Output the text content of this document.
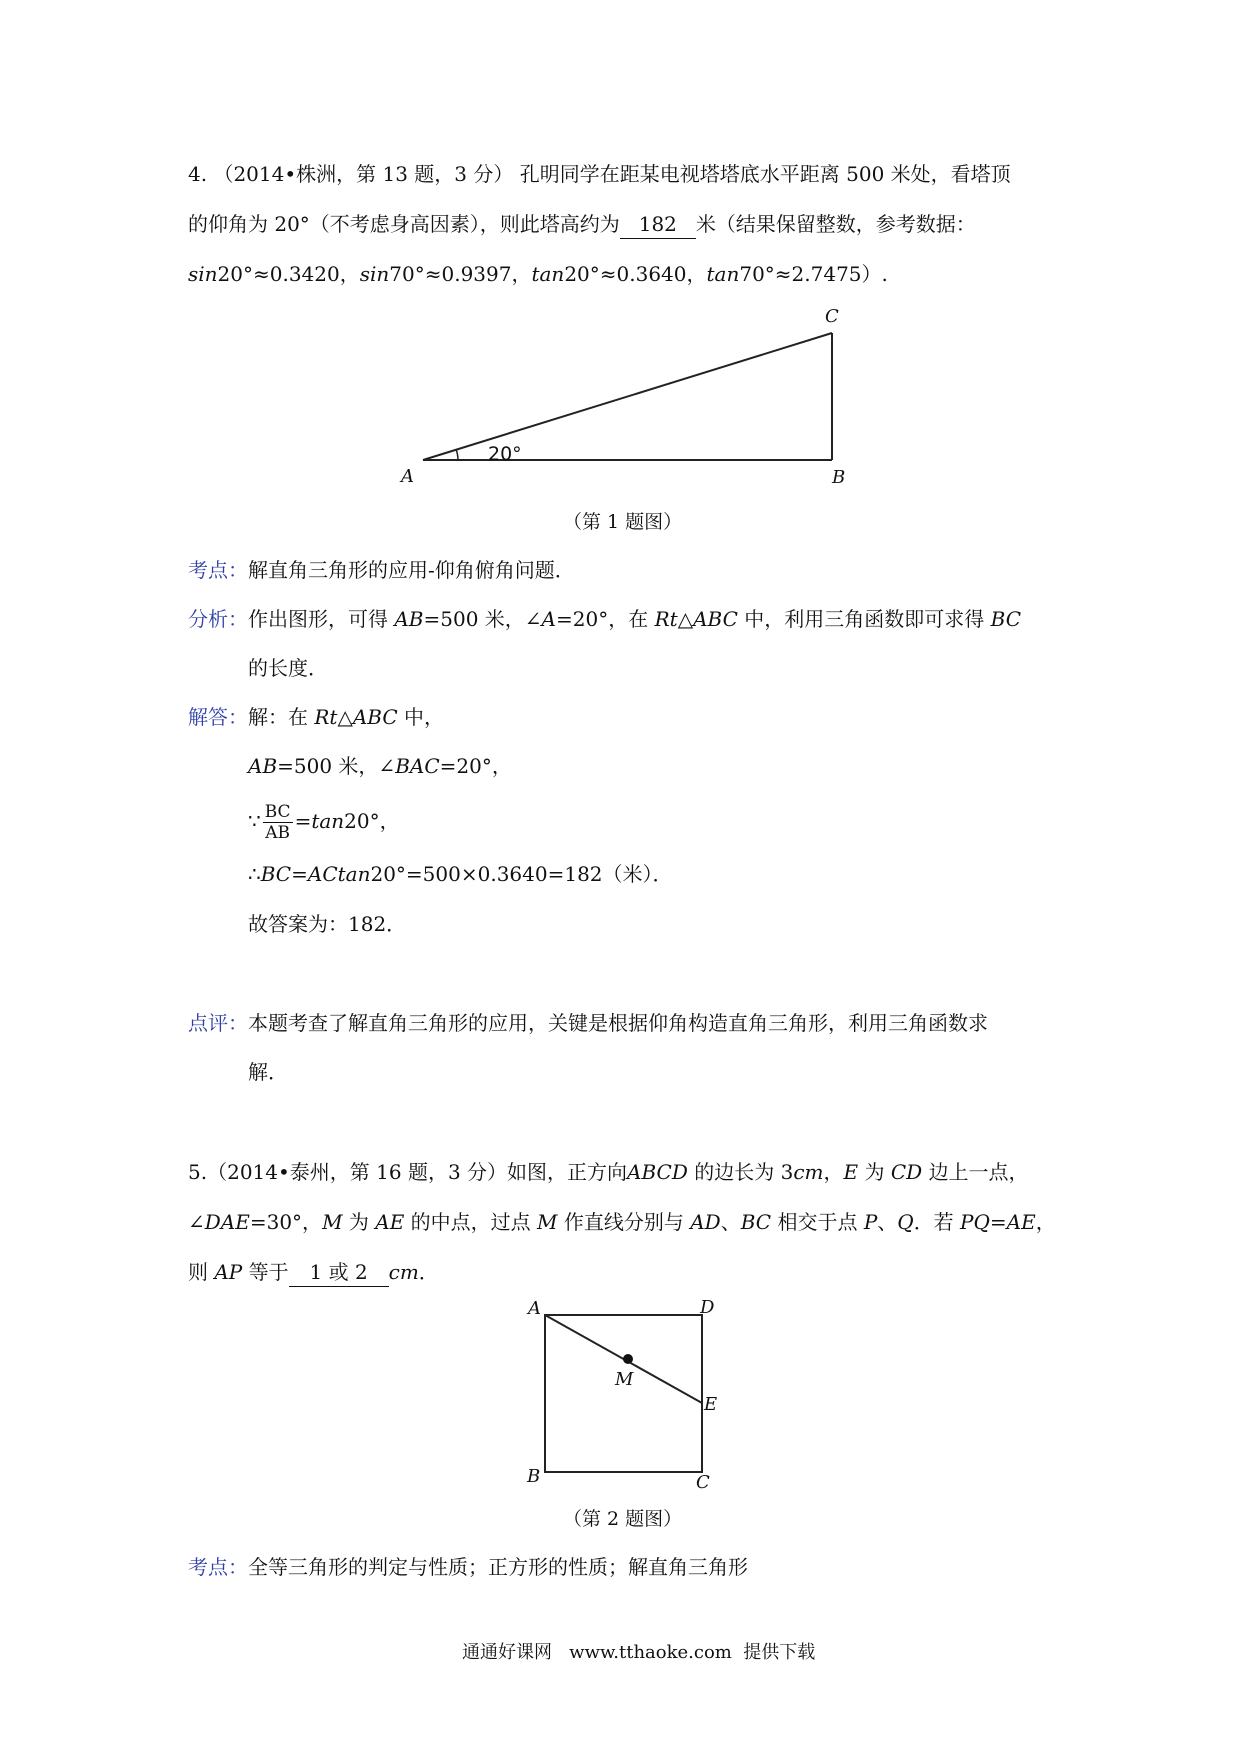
4. （2014•株洲，第 13 题，3 分） 孔明同学在距某电视塔塔底水平距离 500 米处，看塔顶
的仰角为 20°（不考虑身高因素），则此塔高约为 182 米（结果保留整数，参考数据：
sin20°≈0.3420，sin70°≈0.9397，tan20°≈0.3640，tan70°≈2.7475）.
A	B
C
20°
（第 1 题图）
考点：解直角三角形的应用-仰角俯角问题．
分析：作出图形，可得 AB=500 米，∠A=20°，在 Rt△ABC 中，利用三角函数即可求得 BC
的长度．
解答：解：在 Rt△ABC 中，
AB=500 米，∠BAC=20°，
∵ $\frac{BC}{AB} =\tan 20^\circ$，
∴BC=ACtan20°=500×0.3640=182（米）．
故答案为：182．
点评：本题考查了解直角三角形的应用，关键是根据仰角构造直角三角形，利用三角函数求
解．
5.（2014•泰州，第 16 题，3 分）如图，正方向ABCD 的边长为 3cm，E 为 CD 边上一点，
∠DAE=30°，M 为 AE 的中点，过点 M 作直线分别与 AD、BC 相交于点 P、Q．若 PQ=AE，
则 AP 等于 1 或 2 cm．
A	D
B	C
E
M
（第 2 题图）
考点：全等三角形的判定与性质；正方形的性质；解直角三角形
通通好课网   www.tthaoke.com  提供下载
